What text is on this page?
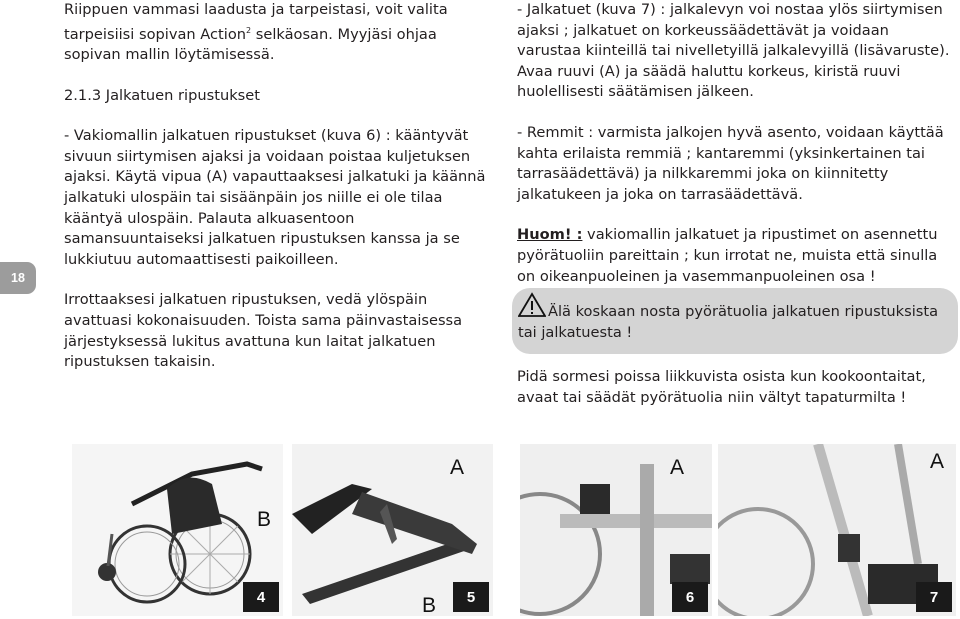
18

Riippuen vammasi laadusta ja tarpeistasi, voit valita tarpeisiisi sopivan Action$^2$ selkäosan. Myyjäsi ohjaa sopivan mallin löytämisessä.

2.1.3 Jalkatuen ripustukset

- Vakiomallin jalkatuen ripustukset (kuva 6) : kääntyvät sivuun siirtymisen ajaksi ja voidaan poistaa kuljetuksen ajaksi. Käytä vipua (A) vapauttaaksesi jalkatuki ja käännä jalkatuki ulospäin tai sisäänpäin jos niille ei ole tilaa kääntyä ulospäin. Palauta alkuasentoon samansuuntaiseksi jalkatuen ripustuksen kanssa ja se lukkiutuu automaattisesti paikoilleen.

Irrottaaksesi jalkatuen ripustuksen, vedä ylöspäin avattuasi kokonaisuuden. Toista sama päinvastaisessa järjestyksessä lukitus avattuna kun laitat jalkatuen ripustuksen takaisin.

- Jalkatuet (kuva 7) : jalkalevyn voi nostaa ylös siirtymisen ajaksi ; jalkatuet on korkeussäädettävät ja voidaan varustaa kiinteillä tai nivelletyillä jalkalevyillä (lisävaruste). Avaa ruuvi (A) ja säädä haluttu korkeus, kiristä ruuvi huolellisesti säätämisen jälkeen.

- Remmit : varmista jalkojen hyvä asento, voidaan käyttää kahta erilaista remmiä ; kantaremmi (yksinkertainen tai tarrasäädettävä) ja nilkkaremmi joka on kiinnitetty jalkatukeen ja joka on tarrasäädettävä.

Huom! : vakiomallin jalkatuet ja ripustimet on asennettu pyörätuoliin pareittain ; kun irrotat ne, muista että sinulla on oikeanpuoleinen ja vasemmanpuoleinen osa !

Älä koskaan nosta pyörätuolia jalkatuen ripustuksista tai jalkatuesta !

Pidä sormesi poissa liikkuvista osista kun kookoontaitat, avaat tai säädät pyörätuolia niin vältyt tapaturmilta !

B
4
A
B	5
A
6
A
7
